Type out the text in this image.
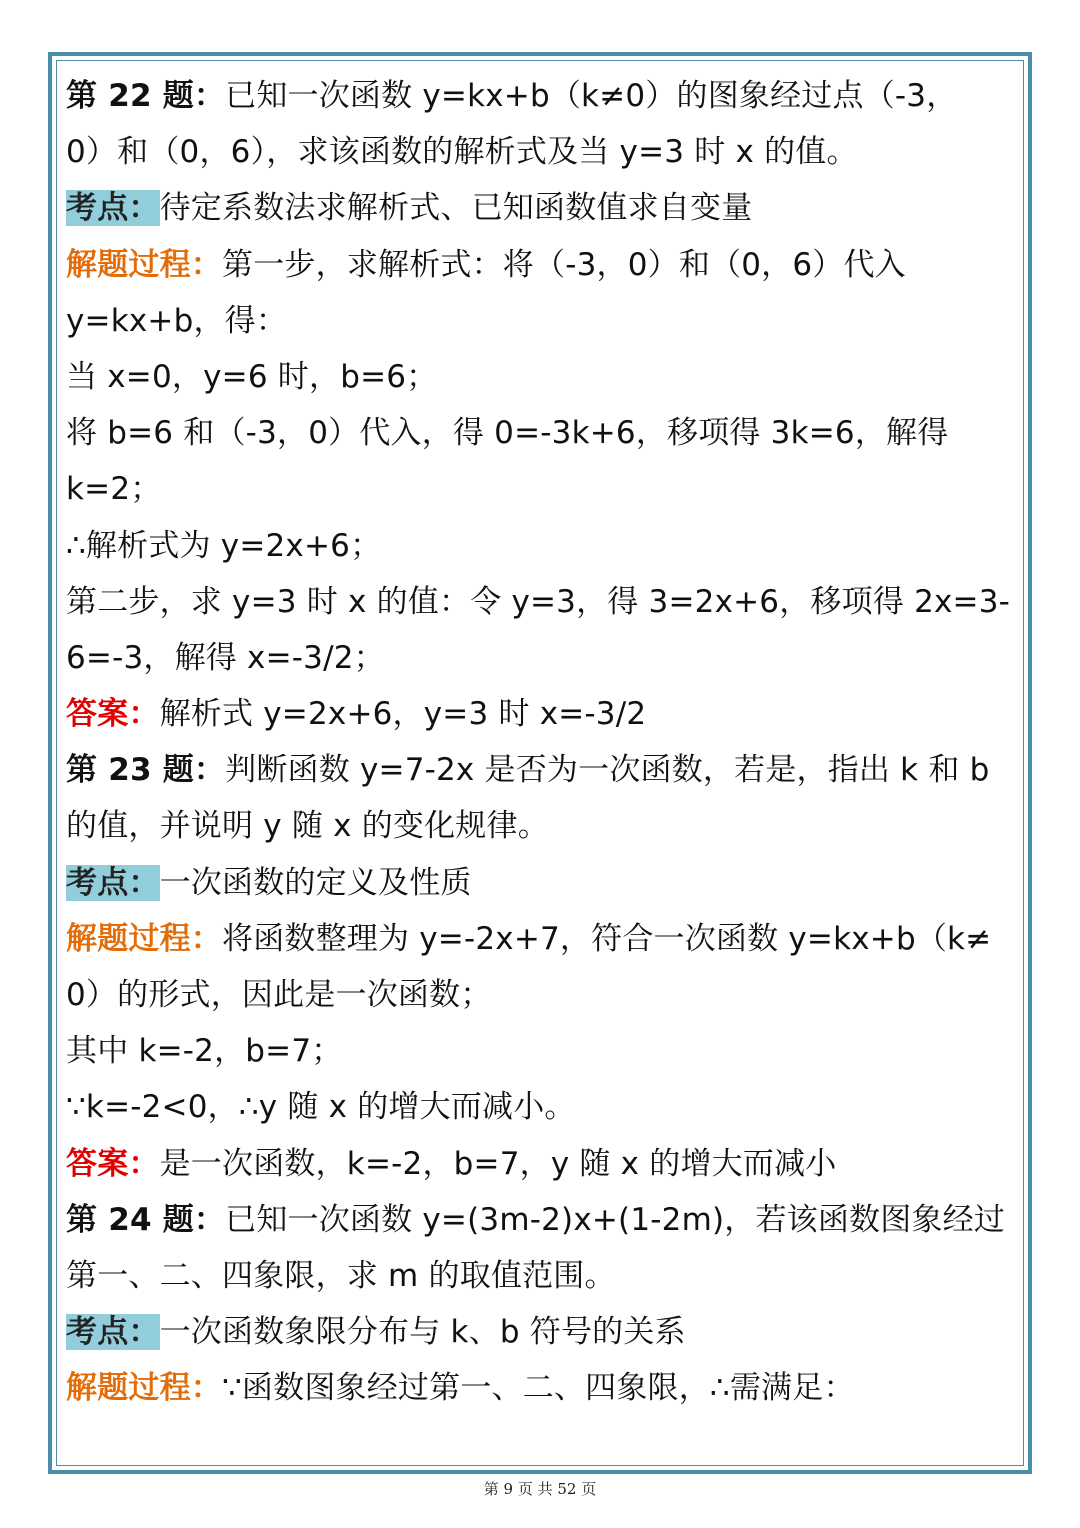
第 22 题：已知一次函数 y=kx+b（k≠0）的图象经过点（-3，
0）和（0，6），求该函数的解析式及当 y=3 时 x 的值。
考点：待定系数法求解析式、已知函数值求自变量
解题过程：第一步，求解析式：将（-3，0）和（0，6）代入
y=kx+b，得：
当 x=0，y=6 时，b=6；
将 b=6 和（-3，0）代入，得 0=-3k+6，移项得 3k=6，解得
k=2；
∴解析式为 y=2x+6；
第二步，求 y=3 时 x 的值：令 y=3，得 3=2x+6，移项得 2x=3-
6=-3，解得 x=-3/2；
答案：解析式 y=2x+6，y=3 时 x=-3/2
第 23 题：判断函数 y=7-2x 是否为一次函数，若是，指出 k 和 b
的值，并说明 y 随 x 的变化规律。
考点：一次函数的定义及性质
解题过程：将函数整理为 y=-2x+7，符合一次函数 y=kx+b（k≠
0）的形式，因此是一次函数；
其中 k=-2，b=7；
∵k=-2<0，∴y 随 x 的增大而减小。
答案：是一次函数，k=-2，b=7，y 随 x 的增大而减小
第 24 题：已知一次函数 y=(3m-2)x+(1-2m)，若该函数图象经过
第一、二、四象限，求 m 的取值范围。
考点：一次函数象限分布与 k、b 符号的关系
解题过程：∵函数图象经过第一、二、四象限，∴需满足：
第 9 页 共 52 页
